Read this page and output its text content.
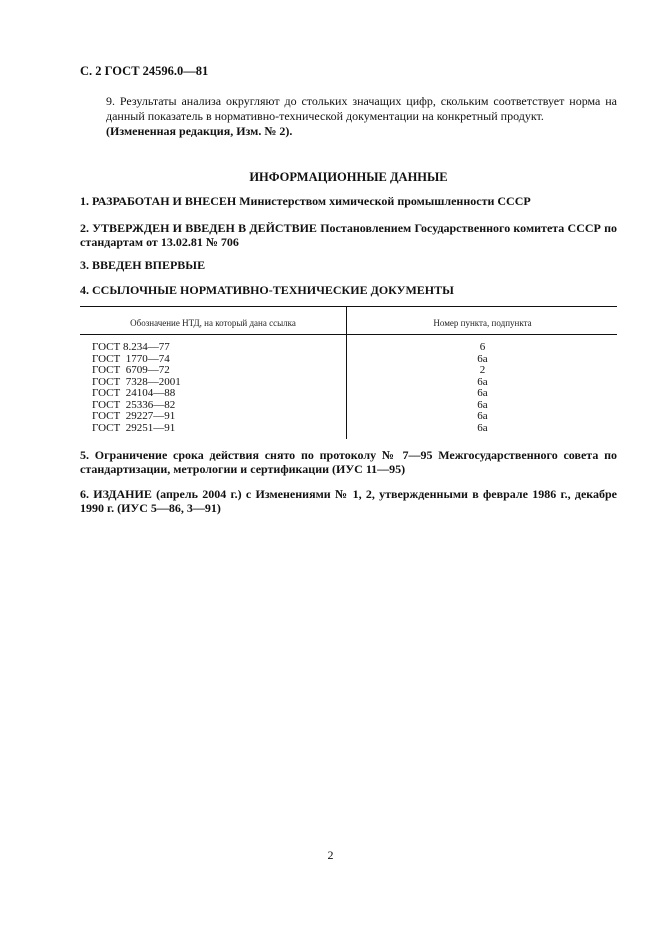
С. 2 ГОСТ 24596.0—81
9. Результаты анализа округляют до стольких значащих цифр, скольким соответствует норма на данный показатель в нормативно-технической документации на конкретный продукт.
(Измененная редакция, Изм. № 2).
ИНФОРМАЦИОННЫЕ ДАННЫЕ
1. РАЗРАБОТАН И ВНЕСЕН Министерством химической промышленности СССР
2. УТВЕРЖДЕН И ВВЕДЕН В ДЕЙСТВИЕ Постановлением Государственного комитета СССР по стандартам от 13.02.81 № 706
3. ВВЕДЕН ВПЕРВЫЕ
4. ССЫЛОЧНЫЕ НОРМАТИВНО-ТЕХНИЧЕСКИЕ ДОКУМЕНТЫ
Обозначение НТД, на который дана ссылка	Номер пункта, подпункта
ГОСТ 8.234—77
ГОСТ  1770—74
ГОСТ  6709—72
ГОСТ  7328—2001
ГОСТ  24104—88
ГОСТ  25336—82
ГОСТ  29227—91
ГОСТ  29251—91
6
6а
2
6а
6а
6а
6а
6а
5. Ограничение срока действия снято по протоколу № 7—95 Межгосударственного совета по стандартизации, метрологии и сертификации (ИУС 11—95)
6. ИЗДАНИЕ (апрель 2004 г.) с Изменениями № 1, 2, утвержденными в феврале 1986 г., декабре 1990 г. (ИУС 5—86, 3—91)
2
